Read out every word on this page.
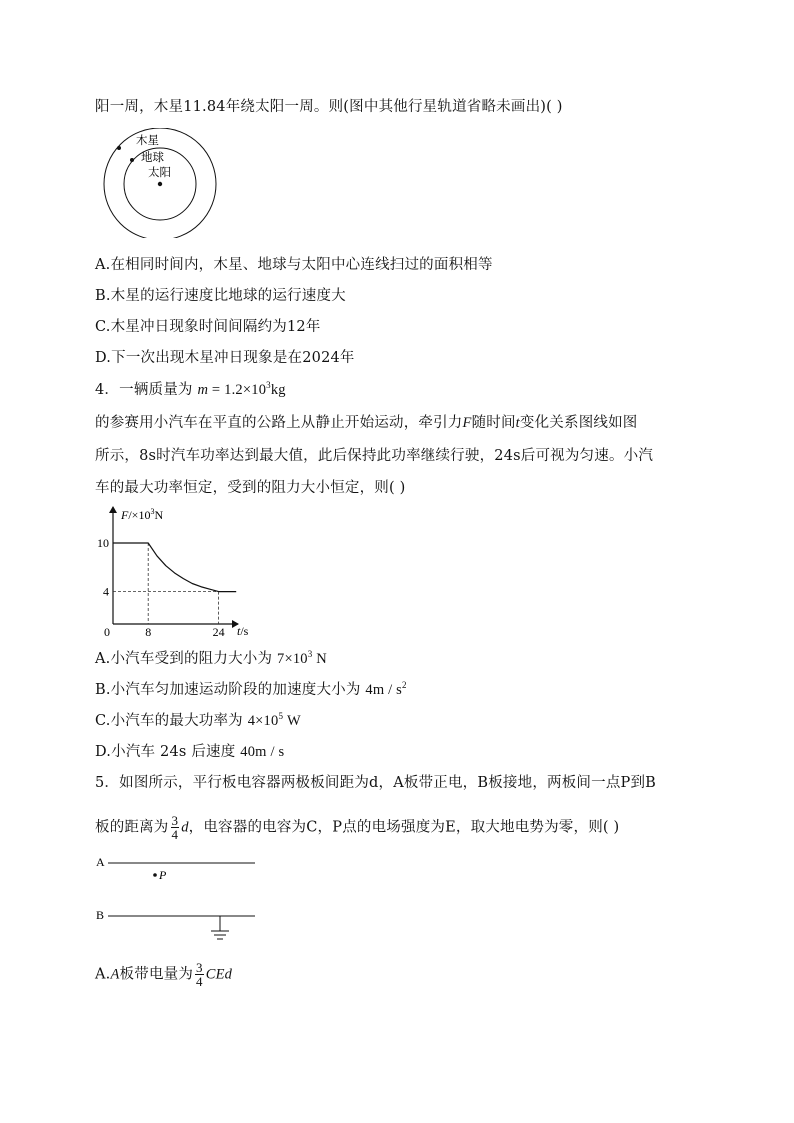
阳一周，木星11.84年绕太阳一周。则(图中其他行星轨道省略未画出)( )
木星
地球
太阳
A.在相同时间内，木星、地球与太阳中心连线扫过的面积相等
B.木星的运行速度比地球的运行速度大
C.木星冲日现象时间间隔约为12年
D.下一次出现木星冲日现象是在2024年
4．一辆质量为 $m = 1.2\times 10^3kg$
的参赛用小汽车在平直的公路上从静止开始运动，牵引力F随时间t变化关系图线如图
所示，8s时汽车功率达到最大值，此后保持此功率继续行驶，24s后可视为匀速。小汽
车的最大功率恒定，受到的阻力大小恒定，则( )
$F/\times 10^3N$
t/s
0	8	24
4
10
A.小汽车受到的阻力大小为 $7\times 10^3$ N
B.小汽车匀加速运动阶段的加速度大小为 $4m / s^2$
C.小汽车的最大功率为 $4\times 10^5$ W
D.小汽车 24s 后速度 40m / s
5．如图所示，平行板电容器两极板间距为d，A板带正电，B板接地，两板间一点P到B
板的距离为 $\frac{3}{4}$ d，电容器的电容为C，P点的电场强度为E，取大地电势为零，则( )
A
P
B
A.A板带电量为 $\frac{3}{4}$ CEd
